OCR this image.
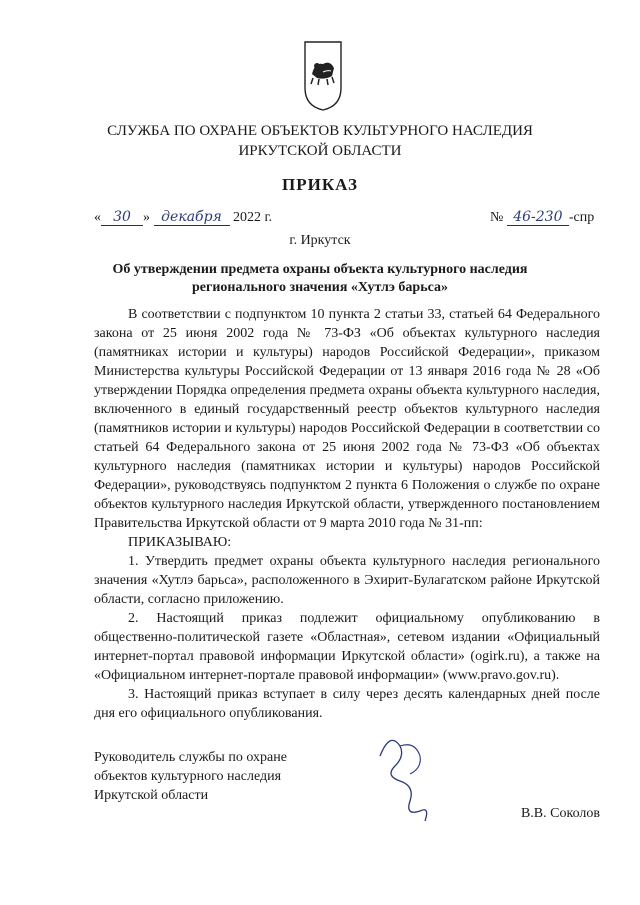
СЛУЖБА ПО ОХРАНЕ ОБЪЕКТОВ КУЛЬТУРНОГО НАСЛЕДИЯ
ИРКУТСКОЙ ОБЛАСТИ
ПРИКАЗ
« 30 » декабря 2022 г.	№ 46-230 -спр
г. Иркутск
Об утверждении предмета охраны объекта культурного наследия регионального значения «Хутлэ барьса»

В соответствии с подпунктом 10 пункта 2 статьи 33, статьей 64 Федерального закона от 25 июня 2002 года № 73-ФЗ «Об объектах культурного наследия (памятниках истории и культуры) народов Российской Федерации», приказом Министерства культуры Российской Федерации от 13 января 2016 года № 28 «Об утверждении Порядка определения предмета охраны объекта культурного наследия, включенного в единый государственный реестр объектов культурного наследия (памятников истории и культуры) народов Российской Федерации в соответствии со статьей 64 Федерального закона от 25 июня 2002 года № 73-ФЗ «Об объектах культурного наследия (памятниках истории и культуры) народов Российской Федерации», руководствуясь подпунктом 2 пункта 6 Положения о службе по охране объектов культурного наследия Иркутской области, утвержденного постановлением Правительства Иркутской области от 9 марта 2010 года № 31-пп:

ПРИКАЗЫВАЮ:

1. Утвердить предмет охраны объекта культурного наследия регионального значения «Хутлэ барьса», расположенного в Эхирит-Булагатском районе Иркутской области, согласно приложению.

2. Настоящий приказ подлежит официальному опубликованию в общественно-политической газете «Областная», сетевом издании «Официальный интернет-портал правовой информации Иркутской области» (ogirk.ru), а также на «Официальном интернет-портале правовой информации» (www.pravo.gov.ru).

3. Настоящий приказ вступает в силу через десять календарных дней после дня его официального опубликования.

Руководитель службы по охране
объектов культурного наследия
Иркутской области
В.В. Соколов
